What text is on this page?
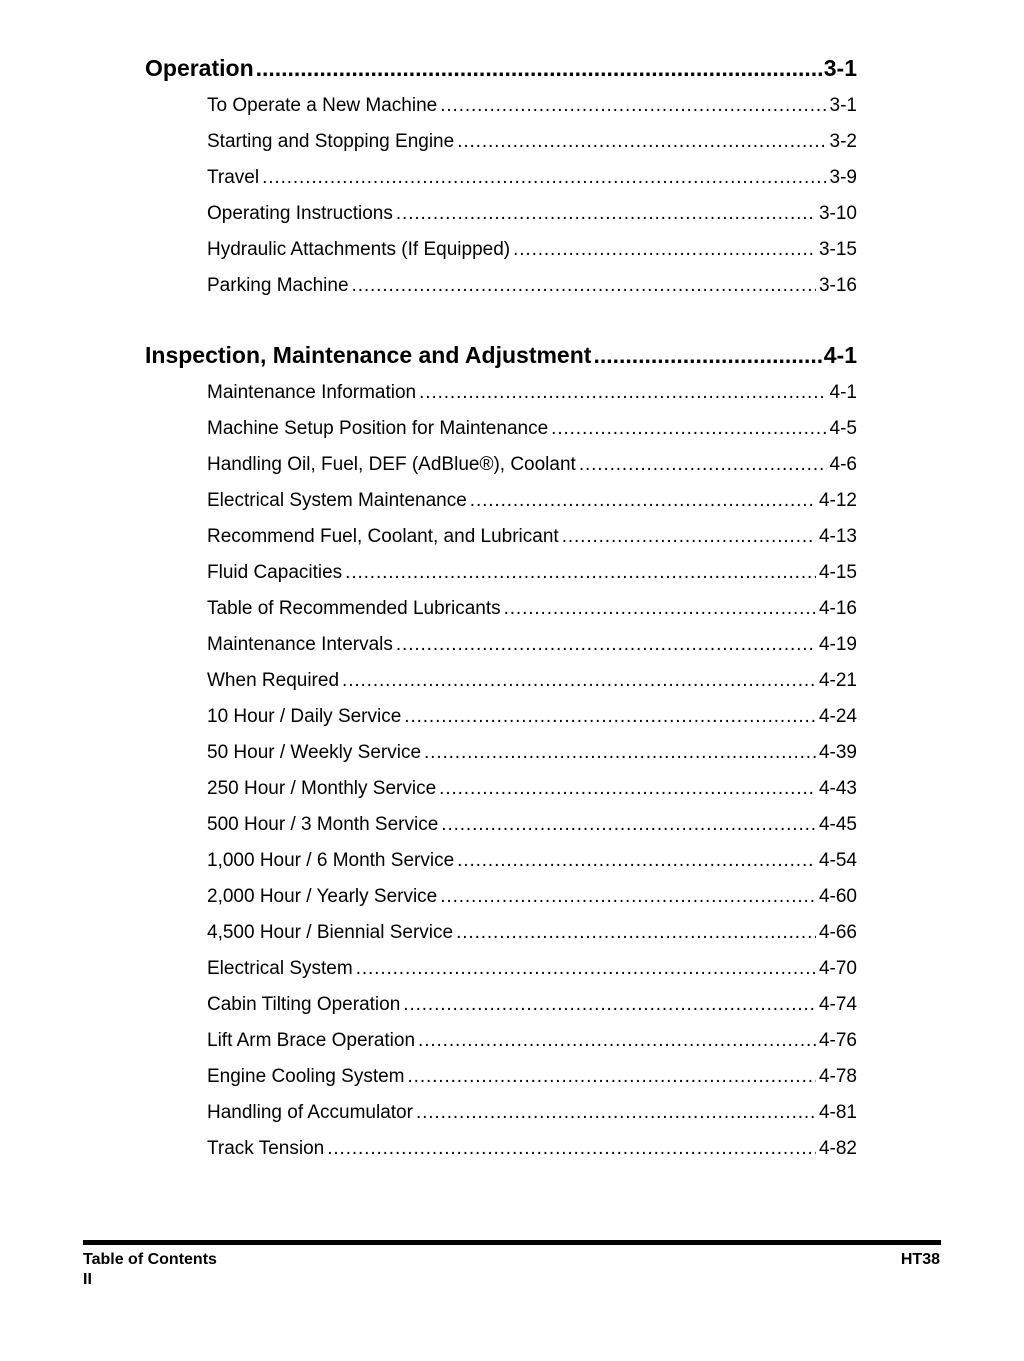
Operation . . .	3-1
To Operate a New Machine . . .	3-1
Starting and Stopping Engine . . .	3-2
Travel . . .	3-9
Operating Instructions . . .	3-10
Hydraulic Attachments (If Equipped) . . .	3-15
Parking Machine . . .	3-16
Inspection, Maintenance and Adjustment . . .	4-1
Maintenance Information . . .	4-1
Machine Setup Position for Maintenance . . .	4-5
Handling Oil, Fuel, DEF (AdBlue®), Coolant . . .	4-6
Electrical System Maintenance . . .	4-12
Recommend Fuel, Coolant, and Lubricant . . .	4-13
Fluid Capacities . . .	4-15
Table of Recommended Lubricants . . .	4-16
Maintenance Intervals . . .	4-19
When Required . . .	4-21
10 Hour / Daily Service . . .	4-24
50 Hour / Weekly Service . . .	4-39
250 Hour / Monthly Service . . .	4-43
500 Hour / 3 Month Service . . .	4-45
1,000 Hour / 6 Month Service . . .	4-54
2,000 Hour / Yearly Service . . .	4-60
4,500 Hour / Biennial Service . . .	4-66
Electrical System . . .	4-70
Cabin Tilting Operation . . .	4-74
Lift Arm Brace Operation . . .	4-76
Engine Cooling System . . .	4-78
Handling of Accumulator . . .	4-81
Track Tension . . .	4-82
Table of Contents
II
HT38
